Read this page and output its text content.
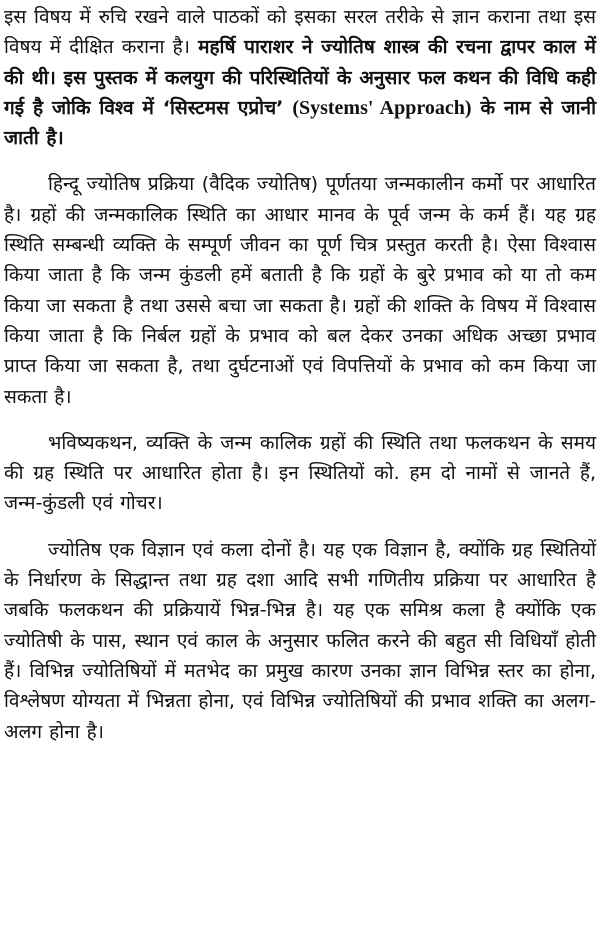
इस विषय में रुचि रखने वाले पाठकों को इसका सरल तरीके से ज्ञान कराना तथा इस विषय में दीक्षित कराना है। महर्षि पाराशर ने ज्योतिष शास्त्र की रचना द्वापर काल में की थी। इस पुस्तक में कलयुग की परिस्थितियों के अनुसार फल कथन की विधि कही गई है जोकि विश्व में ‘सिस्टमस एप्रोच’ (Systems' Approach) के नाम से जानी जाती है।

हिन्दू ज्योतिष प्रक्रिया (वैदिक ज्योतिष) पूर्णतया जन्मकालीन कर्मो पर आधारित है। ग्रहों की जन्मकालिक स्थिति का आधार मानव के पूर्व जन्म के कर्म हैं। यह ग्रह स्थिति सम्बन्धी व्यक्ति के सम्पूर्ण जीवन का पूर्ण चित्र प्रस्तुत करती है। ऐसा विश्वास किया जाता है कि जन्म कुंडली हमें बताती है कि ग्रहों के बुरे प्रभाव को या तो कम किया जा सकता है तथा उससे बचा जा सकता है। ग्रहों की शक्ति के विषय में विश्वास किया जाता है कि निर्बल ग्रहों के प्रभाव को बल देकर उनका अधिक अच्छा प्रभाव प्राप्त किया जा सकता है, तथा दुर्घटनाओं एवं विपत्तियों के प्रभाव को कम किया जा सकता है।

भविष्यकथन, व्यक्ति के जन्म कालिक ग्रहों की स्थिति तथा फलकथन के समय की ग्रह स्थिति पर आधारित होता है। इन स्थितियों को. हम दो नामों से जानते हैं, जन्म-कुंडली एवं गोचर।

ज्योतिष एक विज्ञान एवं कला दोनों है। यह एक विज्ञान है, क्योंकि ग्रह स्थितियों के निर्धारण के सिद्धान्त तथा ग्रह दशा आदि सभी गणितीय प्रक्रिया पर आधारित है जबकि फलकथन की प्रक्रियायें भिन्न-भिन्न है। यह एक समिश्र कला है क्योंकि एक ज्योतिषी के पास, स्थान एवं काल के अनुसार फलित करने की बहुत सी विधियाँ होती हैं। विभिन्न ज्योतिषियों में मतभेद का प्रमुख कारण उनका ज्ञान विभिन्न स्तर का होना, विश्लेषण योग्यता में भिन्नता होना, एवं विभिन्न ज्योतिषियों की प्रभाव शक्ति का अलग-अलग होना है।
